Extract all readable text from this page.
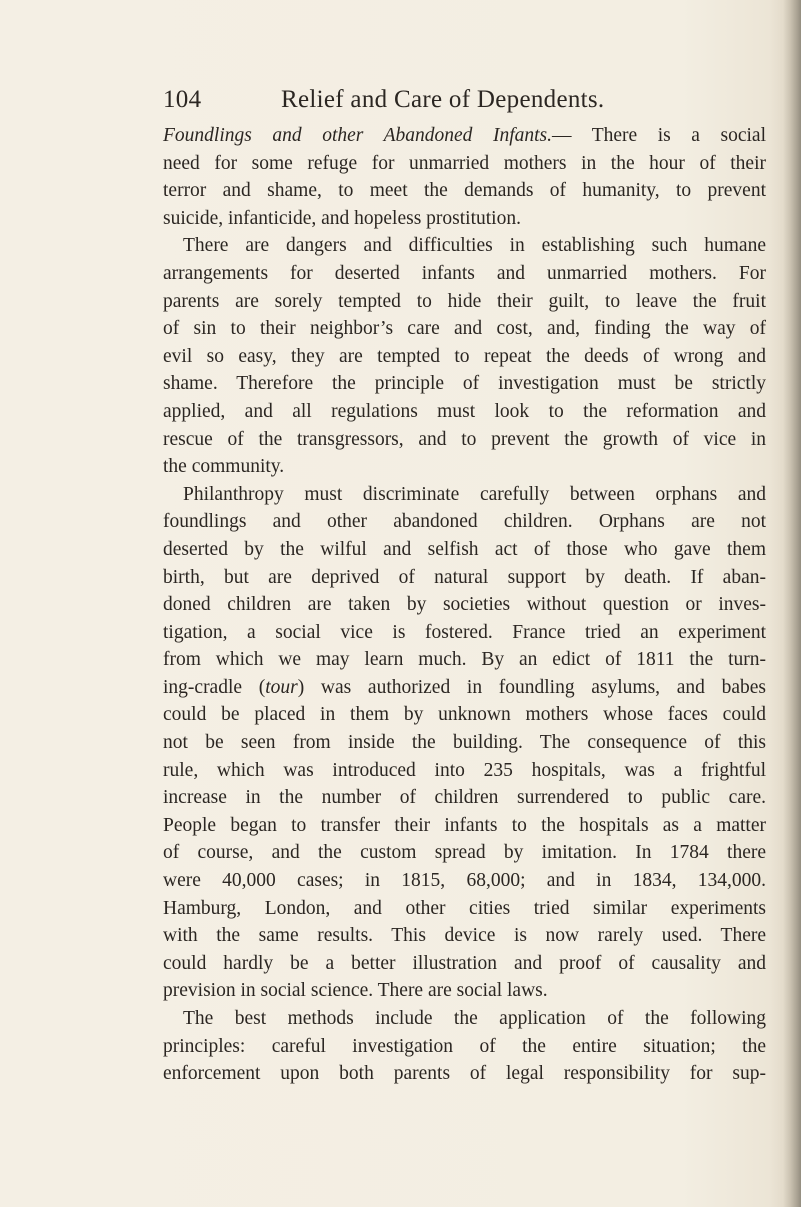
104	Relief and Care of Dependents.
Foundlings and other Abandoned Infants.— There is a social
need for some refuge for unmarried mothers in the hour of their
terror and shame, to meet the demands of humanity, to prevent
suicide, infanticide, and hopeless prostitution.
There are dangers and difficulties in establishing such humane
arrangements for deserted infants and unmarried mothers. For
parents are sorely tempted to hide their guilt, to leave the fruit
of sin to their neighbor’s care and cost, and, finding the way of
evil so easy, they are tempted to repeat the deeds of wrong and
shame. Therefore the principle of investigation must be strictly
applied, and all regulations must look to the reformation and
rescue of the transgressors, and to prevent the growth of vice in
the community.
Philanthropy must discriminate carefully between orphans and
foundlings and other abandoned children. Orphans are not
deserted by the wilful and selfish act of those who gave them
birth, but are deprived of natural support by death. If aban-
doned children are taken by societies without question or inves-
tigation, a social vice is fostered. France tried an experiment
from which we may learn much. By an edict of 1811 the turn-
ing-cradle (tour) was authorized in foundling asylums, and babes
could be placed in them by unknown mothers whose faces could
not be seen from inside the building. The consequence of this
rule, which was introduced into 235 hospitals, was a frightful
increase in the number of children surrendered to public care.
People began to transfer their infants to the hospitals as a matter
of course, and the custom spread by imitation. In 1784 there
were 40,000 cases; in 1815, 68,000; and in 1834, 134,000.
Hamburg, London, and other cities tried similar experiments
with the same results. This device is now rarely used. There
could hardly be a better illustration and proof of causality and
prevision in social science. There are social laws.
The best methods include the application of the following
principles: careful investigation of the entire situation; the
enforcement upon both parents of legal responsibility for sup-
